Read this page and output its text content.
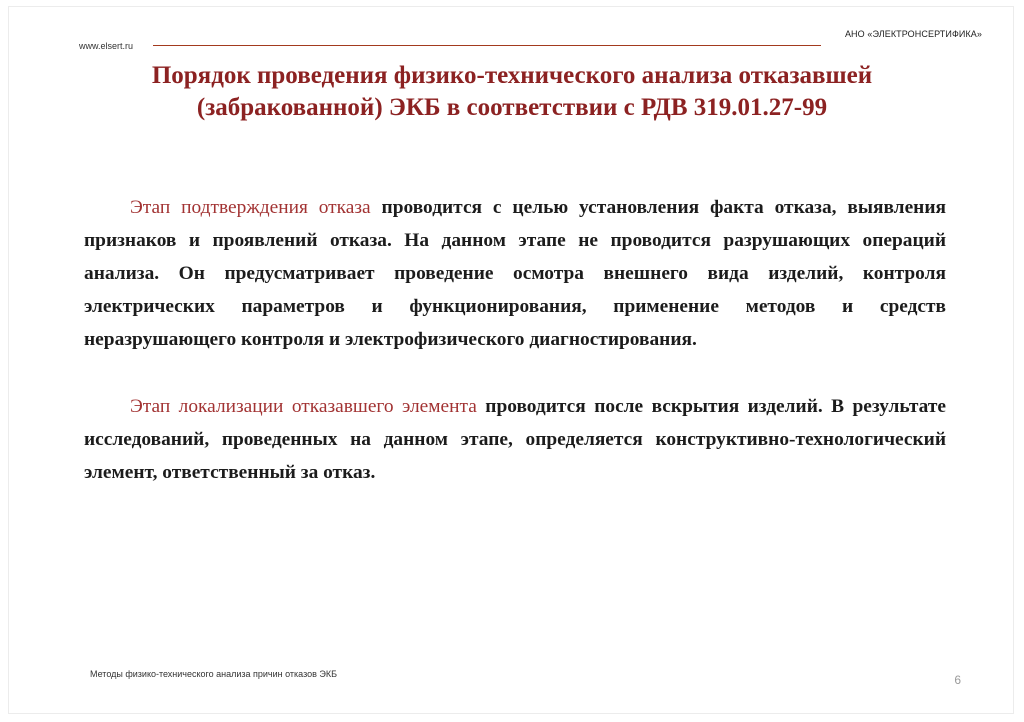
АНО «ЭЛЕКТРОНСЕРТИФИКА»
www.elsert.ru
Порядок проведения физико-технического анализа отказавшей (забракованной) ЭКБ в соответствии с РДВ 319.01.27-99

Этап подтверждения отказа проводится с целью установления факта отказа, выявления признаков и проявлений отказа. На данном этапе не проводится разрушающих операций анализа. Он предусматривает проведение осмотра внешнего вида изделий, контроля электрических параметров и функционирования, применение методов и средств неразрушающего контроля и электрофизического диагностирования.

Этап локализации отказавшего элемента проводится после вскрытия изделий. В результате исследований, проведенных на данном этапе, определяется конструктивно-технологический элемент, ответственный за отказ.

Методы физико-технического анализа причин отказов ЭКБ	6
